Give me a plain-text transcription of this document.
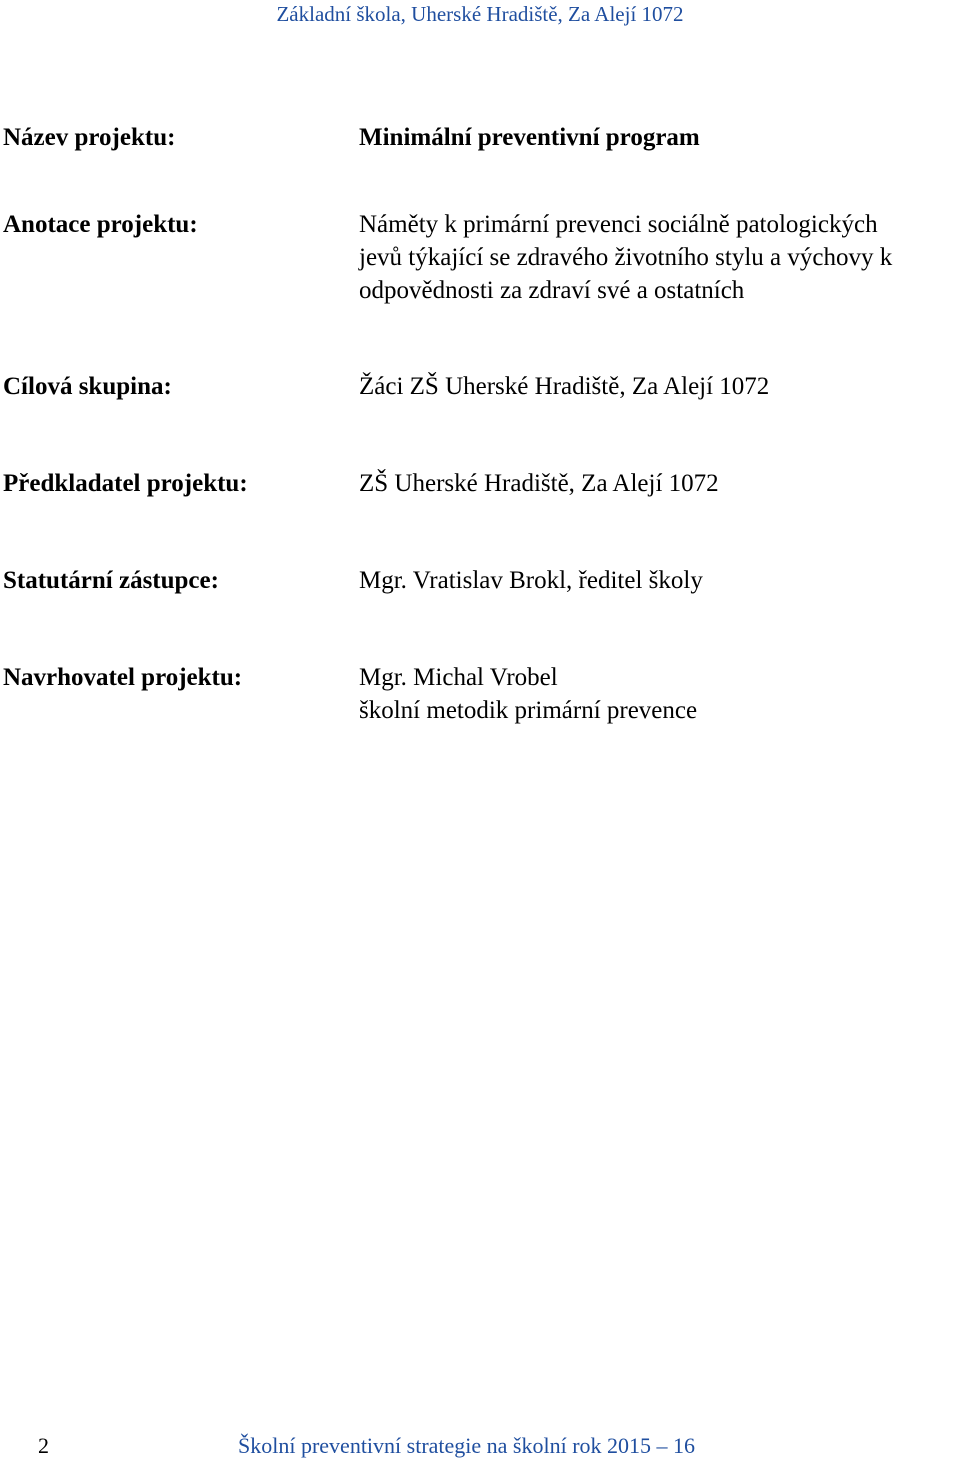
Základní škola, Uherské Hradiště, Za Alejí 1072
Název projektu:	Minimální preventivní program
Anotace projektu:	Náměty k primární prevenci sociálně patologických
jevů týkající se zdravého životního stylu a výchovy k
odpovědnosti za zdraví své a ostatních
Cílová skupina:	Žáci ZŠ Uherské Hradiště, Za Alejí 1072
Předkladatel projektu:	ZŠ Uherské Hradiště, Za Alejí 1072
Statutární zástupce:	Mgr. Vratislav Brokl, ředitel školy
Navrhovatel projektu:	Mgr. Michal Vrobel
školní metodik primární prevence
2	Školní preventivní strategie na školní rok 2015 – 16
